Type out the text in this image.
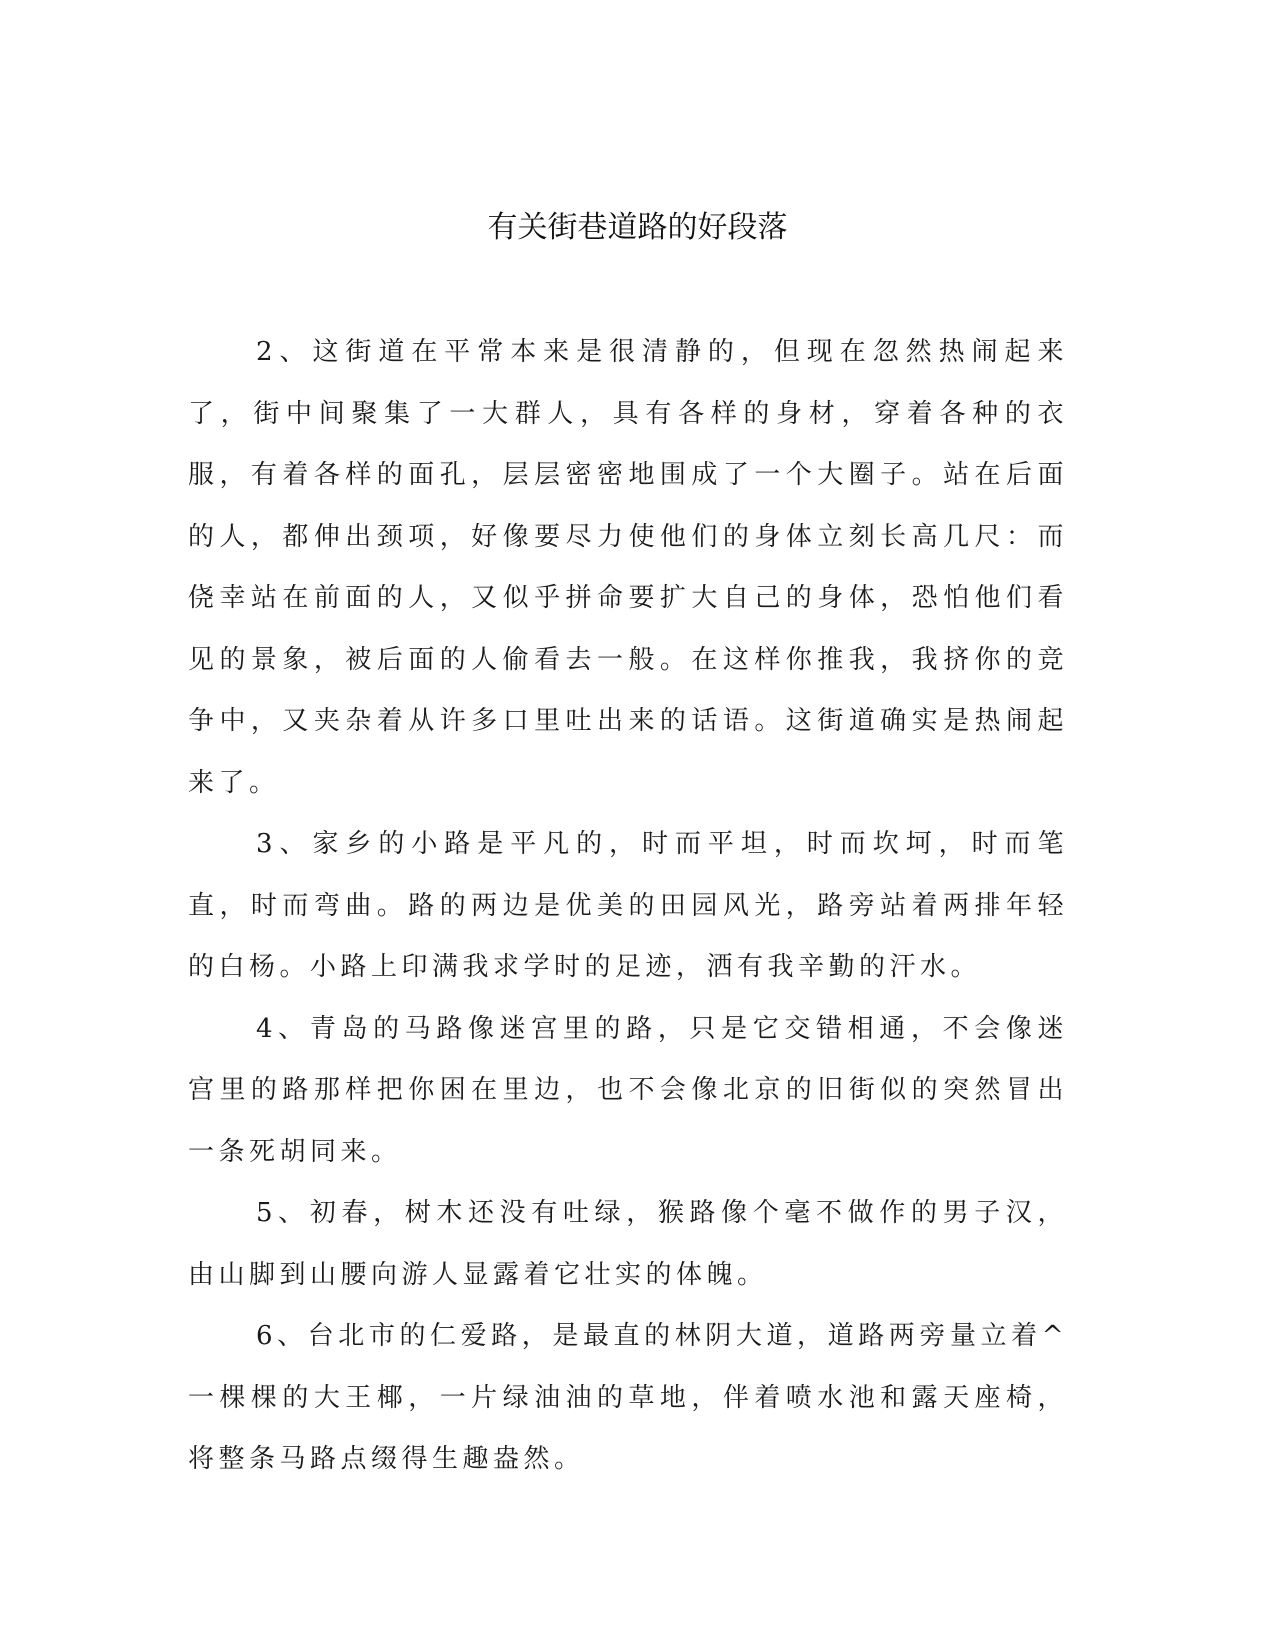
有关街巷道路的好段落

2、这街道在平常本来是很清静的，但现在忽然热闹起来了，街中间聚集了一大群人，具有各样的身材，穿着各种的衣服，有着各样的面孔，层层密密地围成了一个大圈子。站在后面的人，都伸出颈项，好像要尽力使他们的身体立刻长高几尺：而侥幸站在前面的人，又似乎拼命要扩大自己的身体，恐怕他们看见的景象，被后面的人偷看去一般。在这样你推我，我挤你的竞争中，又夹杂着从许多口里吐出来的话语。这街道确实是热闹起来了。

3、家乡的小路是平凡的，时而平坦，时而坎坷，时而笔直，时而弯曲。路的两边是优美的田园风光，路旁站着两排年轻的白杨。小路上印满我求学时的足迹，洒有我辛勤的汗水。

4、青岛的马路像迷宫里的路，只是它交错相通，不会像迷宫里的路那样把你困在里边，也不会像北京的旧街似的突然冒出一条死胡同来。

5、初春，树木还没有吐绿，猴路像个毫不做作的男子汉，由山脚到山腰向游人显露着它壮实的体魄。

6、台北市的仁爱路，是最直的林阴大道，道路两旁量立着^一棵棵的大王椰，一片绿油油的草地，伴着喷水池和露天座椅，将整条马路点缀得生趣盎然。
